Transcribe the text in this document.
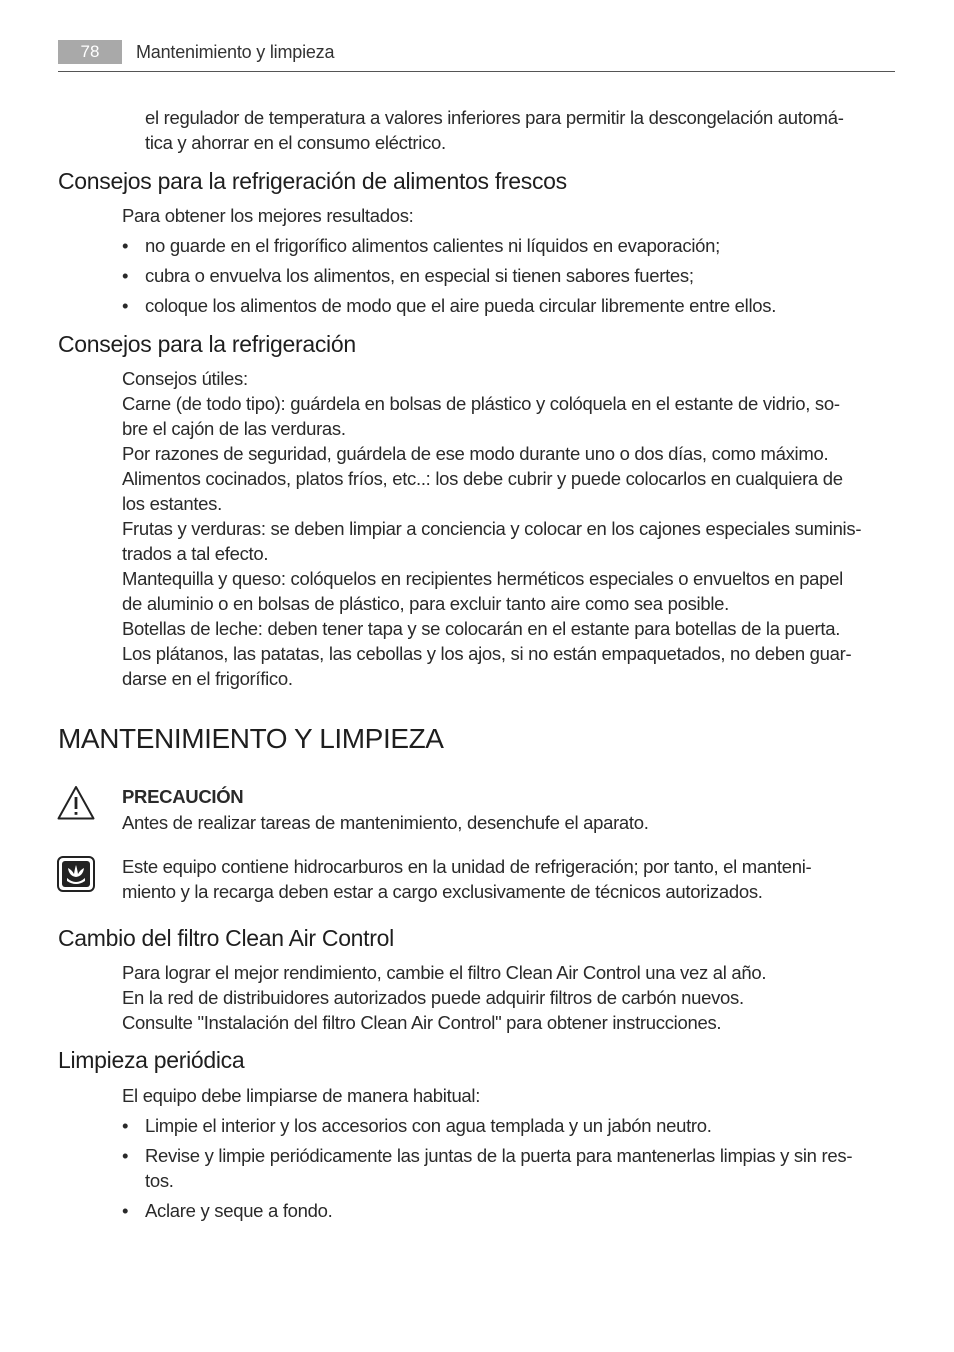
78	Mantenimiento y limpieza
el regulador de temperatura a valores inferiores para permitir la descongelación automá-
tica y ahorrar en el consumo eléctrico.
Consejos para la refrigeración de alimentos frescos
Para obtener los mejores resultados:
• no guarde en el frigorífico alimentos calientes ni líquidos en evaporación;
• cubra o envuelva los alimentos, en especial si tienen sabores fuertes;
• coloque los alimentos de modo que el aire pueda circular libremente entre ellos.
Consejos para la refrigeración
Consejos útiles:
Carne (de todo tipo): guárdela en bolsas de plástico y colóquela en el estante de vidrio, so-
bre el cajón de las verduras.
Por razones de seguridad, guárdela de ese modo durante uno o dos días, como máximo.
Alimentos cocinados, platos fríos, etc..: los debe cubrir y puede colocarlos en cualquiera de
los estantes.
Frutas y verduras: se deben limpiar a conciencia y colocar en los cajones especiales suminis-
trados a tal efecto.
Mantequilla y queso: colóquelos en recipientes herméticos especiales o envueltos en papel
de aluminio o en bolsas de plástico, para excluir tanto aire como sea posible.
Botellas de leche: deben tener tapa y se colocarán en el estante para botellas de la puerta.
Los plátanos, las patatas, las cebollas y los ajos, si no están empaquetados, no deben guar-
darse en el frigorífico.
MANTENIMIENTO Y LIMPIEZA
PRECAUCIÓN
Antes de realizar tareas de mantenimiento, desenchufe el aparato.
Este equipo contiene hidrocarburos en la unidad de refrigeración; por tanto, el manteni-
miento y la recarga deben estar a cargo exclusivamente de técnicos autorizados.
Cambio del filtro Clean Air Control
Para lograr el mejor rendimiento, cambie el filtro Clean Air Control una vez al año.
En la red de distribuidores autorizados puede adquirir filtros de carbón nuevos.
Consulte "Instalación del filtro Clean Air Control" para obtener instrucciones.
Limpieza periódica
El equipo debe limpiarse de manera habitual:
• Limpie el interior y los accesorios con agua templada y un jabón neutro.
• Revise y limpie periódicamente las juntas de la puerta para mantenerlas limpias y sin res-
tos.
• Aclare y seque a fondo.
